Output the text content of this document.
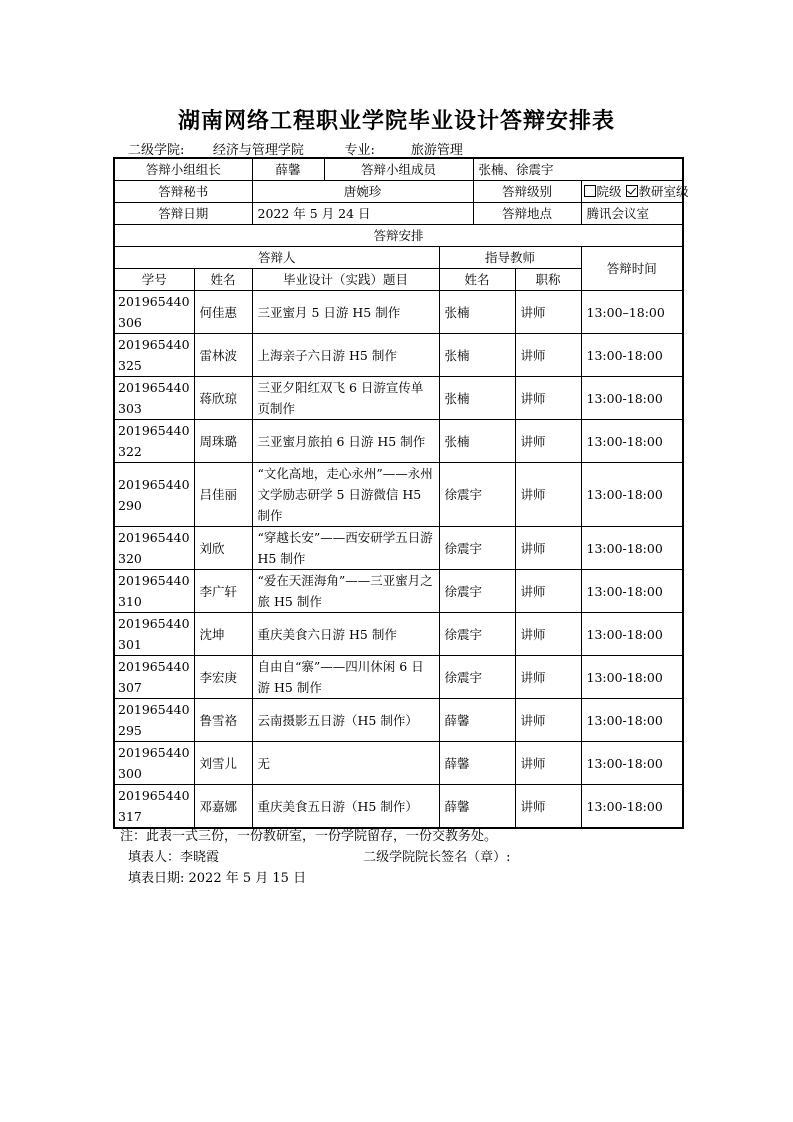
湖南网络工程职业学院毕业设计答辩安排表
二级学院: 经济与管理学院	专业:	旅游管理
答辩小组组长		薛馨	答辩小组成员		张楠、徐震宇		
答辩秘书		唐婉珍			答辩级别		院级 教研室级
答辩日期		2022 年 5 月 24 日			答辩地点		腾讯会议室
答辩安排							
答辩人				指导教师			答辩时间
学号	姓名	毕业设计（实践）题目		姓名		职称	

201965440
306	何佳惠	三亚蜜月 5 日游 H5 制作		张楠		讲师	13:00–18:00

201965440
325	雷林波	上海亲子六日游 H5 制作		张楠		讲师	13:00-18:00

201965440
303	蒋欣琼	三亚夕阳红双飞 6 日游宣传单页制作		张楠		讲师	13:00-18:00

201965440
322	周珠璐	三亚蜜月旅拍 6 日游 H5 制作		张楠		讲师	13:00-18:00

201965440
290	吕佳丽	“文化高地，走心永州”——永州文学励志研学 5 日游微信 H5 制作		徐震宇		讲师	13:00-18:00

201965440
320	刘欣	“穿越长安”——西安研学五日游 H5 制作		徐震宇		讲师	13:00-18:00

201965440
310	李广轩	“爱在天涯海角”——三亚蜜月之旅 H5 制作		徐震宇		讲师	13:00-18:00

201965440
301	沈坤	重庆美食六日游 H5 制作		徐震宇		讲师	13:00-18:00

201965440
307	李宏庚	自由自“寨”——四川休闲 6 日游 H5 制作		徐震宇		讲师	13:00-18:00

201965440
295	鲁雪袼	云南摄影五日游（H5 制作）		薛馨		讲师	13:00-18:00

201965440
300	刘雪儿	无		薛馨		讲师	13:00-18:00

201965440
317	邓嘉娜	重庆美食五日游（H5 制作）		薛馨		讲师	13:00-18:00
注：此表一式三份，一份教研室，一份学院留存，一份交教务处。
填表人：李晓霞	二级学院院长签名（章）:
填表日期: 2022 年 5 月 15 日
